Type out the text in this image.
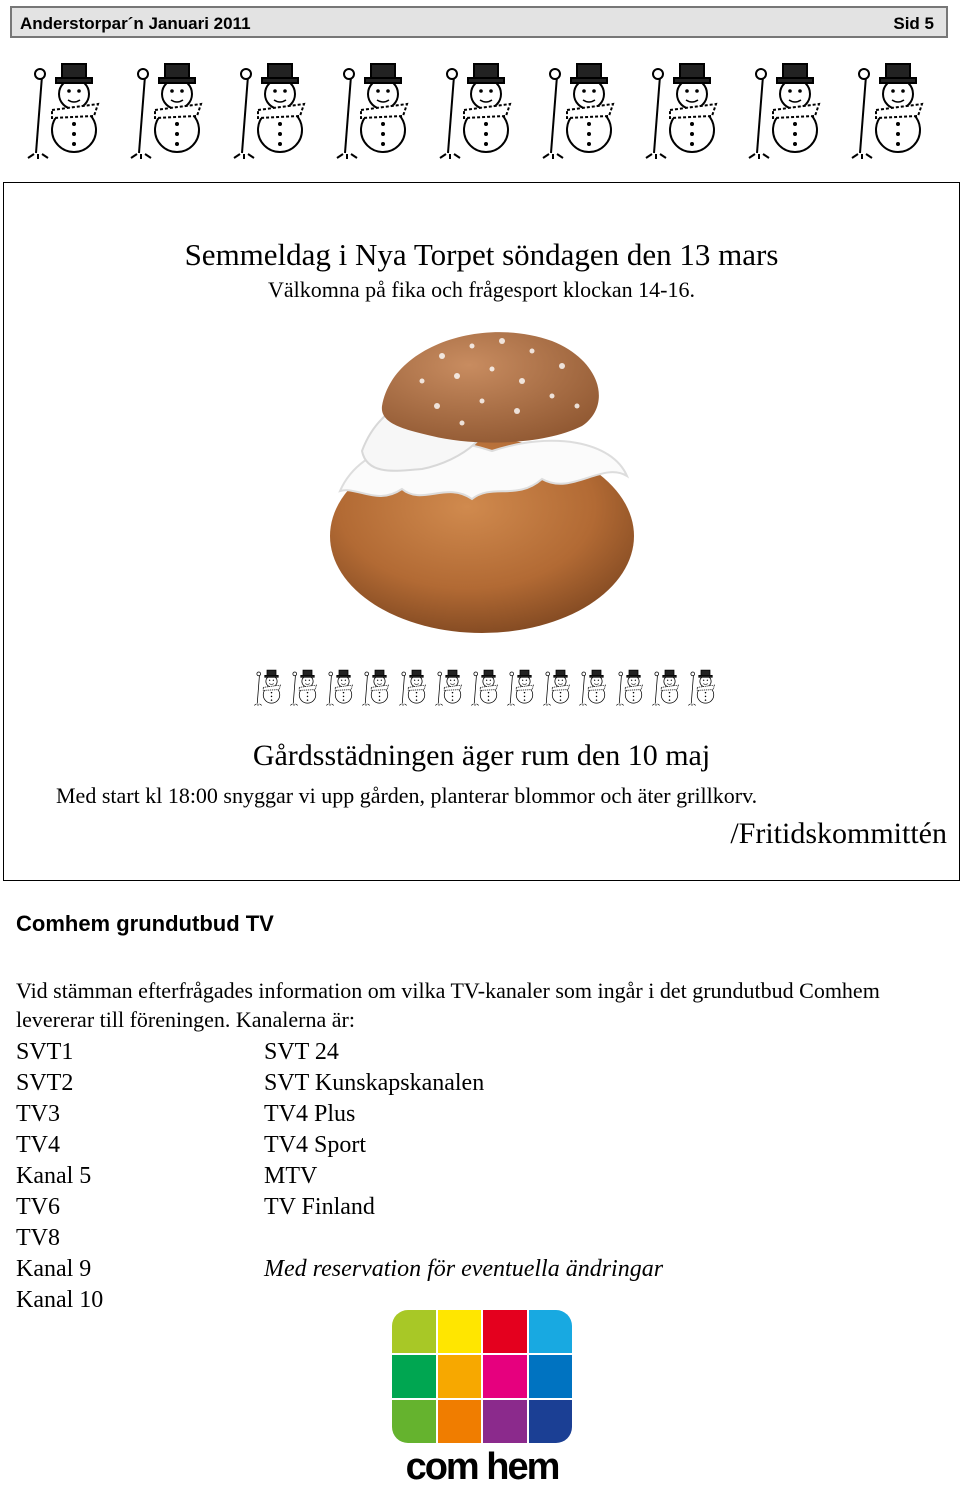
Anderstorpar´n Januari 2011	Sid 5
Semmeldag i Nya Torpet söndagen den 13 mars
Välkomna på fika och frågesport klockan 14-16.
Gårdsstädningen äger rum den 10 maj
Med start kl 18:00 snyggar vi upp gården, planterar blommor och äter grillkorv.
/Fritidskommittén
Comhem grundutbud TV
Vid stämman efterfrågades information om vilka TV-kanaler som ingår i det grundutbud Comhem levererar till föreningen. Kanalerna är:
SVT1
SVT2
TV3
TV4
Kanal 5
TV6
TV8
Kanal 9
Kanal 10
SVT 24
SVT Kunskapskanalen
TV4 Plus
TV4 Sport
MTV
TV Finland
Med reservation för eventuella ändringar
com hem
